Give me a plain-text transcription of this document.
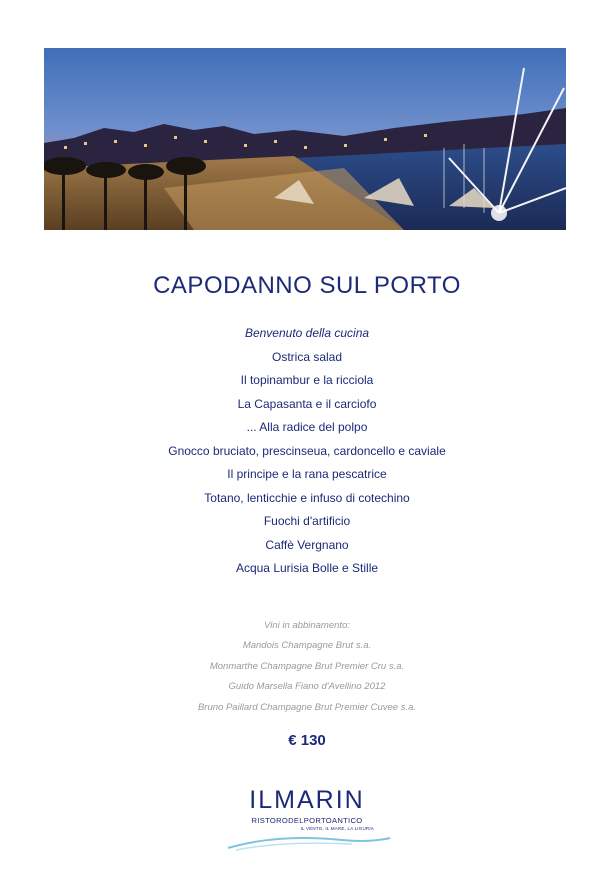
CAPODANNO SUL PORTO
Benvenuto della cucina
Ostrica salad
Il topinambur e la ricciola
La Capasanta e il carciofo
... Alla radice del polpo
Gnocco bruciato, prescinseua, cardoncello e caviale
Il principe e la rana pescatrice
Totano, lenticchie e infuso di cotechino
Fuochi d'artificio
Caffè Vergnano
Acqua Lurisia Bolle e Stille
Vini in abbinamento:
Mandois Champagne Brut s.a.
Monmarthe Champagne Brut Premier Cru s.a.
Guido Marsella Fiano d'Avellino 2012
Bruno Paillard Champagne Brut Premier Cuvee s.a.
€ 130
ILMARIN
RISTORODELPORTOANTICO
IL VENTO, IL MARE, LA LIGURIA
